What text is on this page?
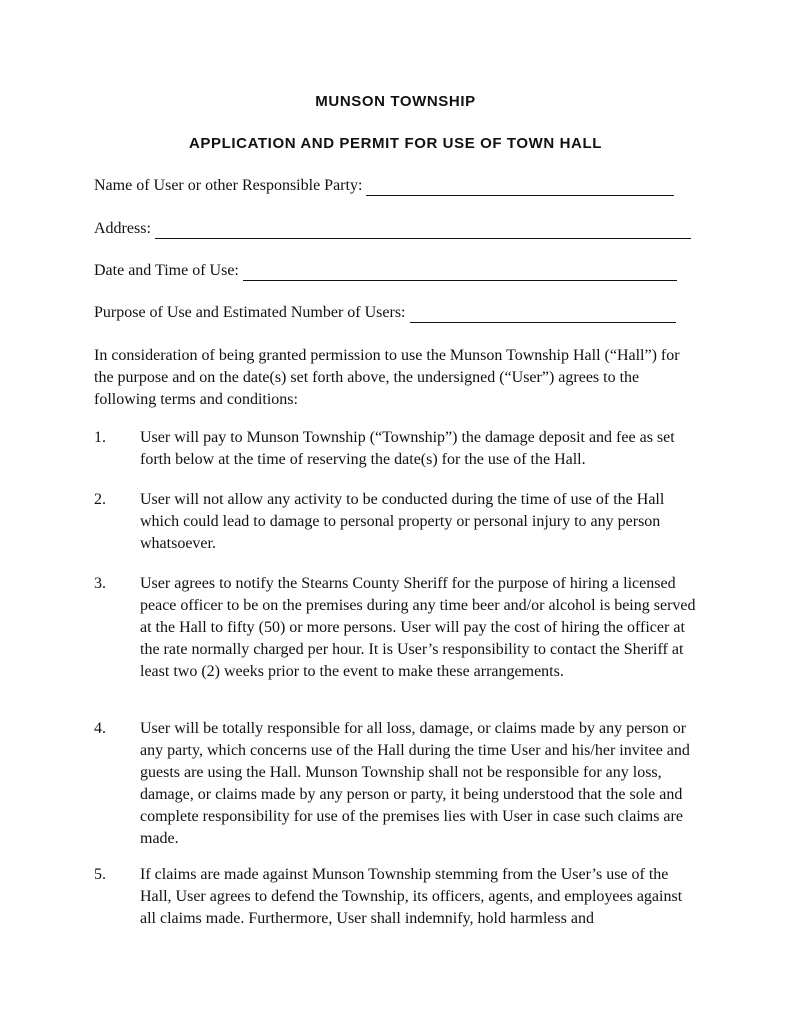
MUNSON TOWNSHIP
APPLICATION AND PERMIT FOR USE OF TOWN HALL
Name of User or other Responsible Party:
Address:
Date and Time of Use:
Purpose of Use and Estimated Number of Users:

In consideration of being granted permission to use the Munson Township Hall (“Hall”) for the purpose and on the date(s) set forth above, the undersigned (“User”) agrees to the following terms and conditions:

1.	User will pay to Munson Township (“Township”) the damage deposit and fee as set forth below at the time of reserving the date(s) for the use of the Hall.

2.	User will not allow any activity to be conducted during the time of use of the Hall which could lead to damage to personal property or personal injury to any person whatsoever.

3.	User agrees to notify the Stearns County Sheriff for the purpose of hiring a licensed peace officer to be on the premises during any time beer and/or alcohol is being served at the Hall to fifty (50) or more persons. User will pay the cost of hiring the officer at the rate normally charged per hour. It is User’s responsibility to contact the Sheriff at least two (2) weeks prior to the event to make these arrangements.

4.	User will be totally responsible for all loss, damage, or claims made by any person or any party, which concerns use of the Hall during the time User and his/her invitee and guests are using the Hall. Munson Township shall not be responsible for any loss, damage, or claims made by any person or party, it being understood that the sole and complete responsibility for use of the premises lies with User in case such claims are made.

5.	If claims are made against Munson Township stemming from the User’s use of the Hall, User agrees to defend the Township, its officers, agents, and employees against all claims made. Furthermore, User shall indemnify, hold harmless and
